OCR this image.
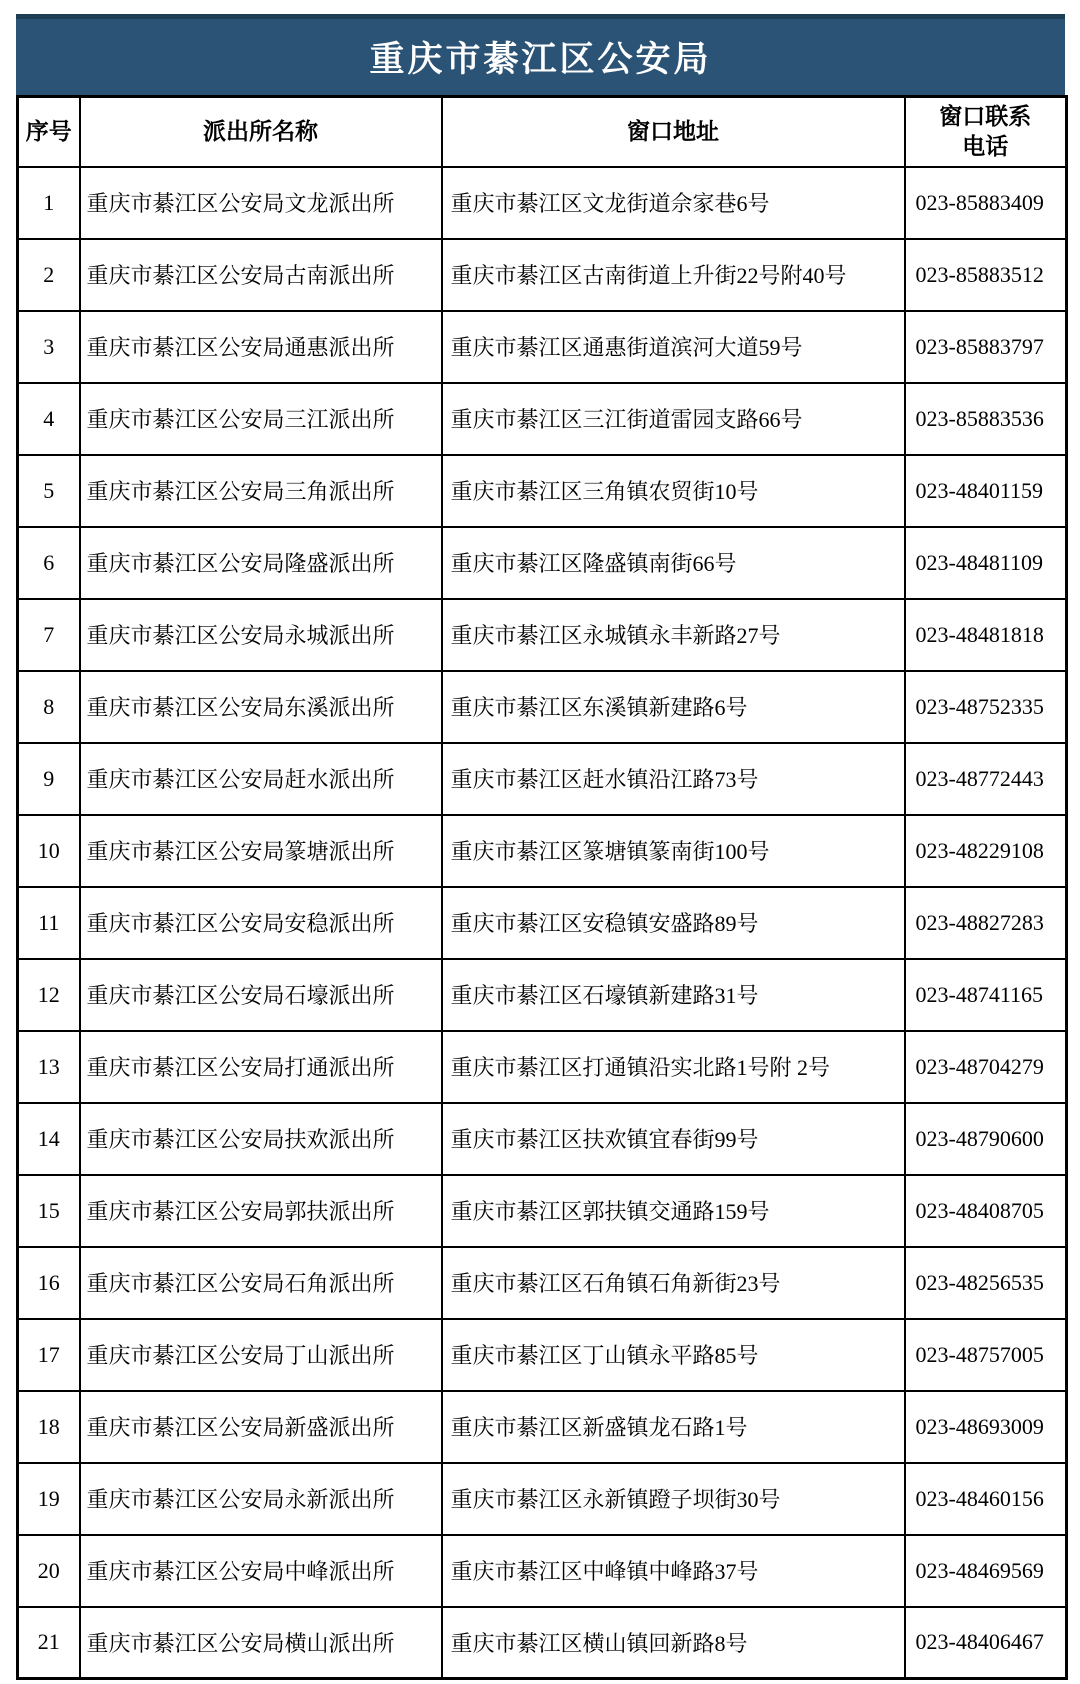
重庆市綦江区公安局
序号	派出所名称	窗口地址	窗口联系电话
1	重庆市綦江区公安局文龙派出所	重庆市綦江区文龙街道佘家巷6号	023-85883409
2	重庆市綦江区公安局古南派出所	重庆市綦江区古南街道上升街22号附40号	023-85883512
3	重庆市綦江区公安局通惠派出所	重庆市綦江区通惠街道滨河大道59号	023-85883797
4	重庆市綦江区公安局三江派出所	重庆市綦江区三江街道雷园支路66号	023-85883536
5	重庆市綦江区公安局三角派出所	重庆市綦江区三角镇农贸街10号	023-48401159
6	重庆市綦江区公安局隆盛派出所	重庆市綦江区隆盛镇南街66号	023-48481109
7	重庆市綦江区公安局永城派出所	重庆市綦江区永城镇永丰新路27号	023-48481818
8	重庆市綦江区公安局东溪派出所	重庆市綦江区东溪镇新建路6号	023-48752335
9	重庆市綦江区公安局赶水派出所	重庆市綦江区赶水镇沿江路73号	023-48772443
10	重庆市綦江区公安局篆塘派出所	重庆市綦江区篆塘镇篆南街100号	023-48229108
11	重庆市綦江区公安局安稳派出所	重庆市綦江区安稳镇安盛路89号	023-48827283
12	重庆市綦江区公安局石壕派出所	重庆市綦江区石壕镇新建路31号	023-48741165
13	重庆市綦江区公安局打通派出所	重庆市綦江区打通镇沿实北路1号附 2号	023-48704279
14	重庆市綦江区公安局扶欢派出所	重庆市綦江区扶欢镇宜春街99号	023-48790600
15	重庆市綦江区公安局郭扶派出所	重庆市綦江区郭扶镇交通路159号	023-48408705
16	重庆市綦江区公安局石角派出所	重庆市綦江区石角镇石角新街23号	023-48256535
17	重庆市綦江区公安局丁山派出所	重庆市綦江区丁山镇永平路85号	023-48757005
18	重庆市綦江区公安局新盛派出所	重庆市綦江区新盛镇龙石路1号	023-48693009
19	重庆市綦江区公安局永新派出所	重庆市綦江区永新镇蹬子坝街30号	023-48460156
20	重庆市綦江区公安局中峰派出所	重庆市綦江区中峰镇中峰路37号	023-48469569
21	重庆市綦江区公安局横山派出所	重庆市綦江区横山镇回新路8号	023-48406467
